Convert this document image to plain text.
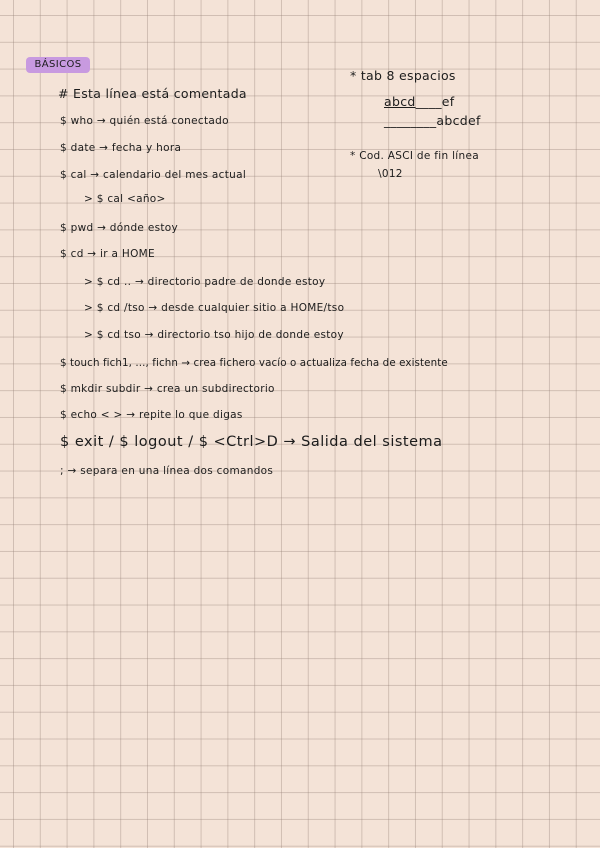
BÁSICOS
# Esta línea está comentada
$ who → quién está conectado
$ date → fecha y hora
$ cal → calendario del mes actual
> $ cal <año>
$ pwd → dónde estoy
$ cd → ir a HOME
> $ cd .. → directorio padre de donde estoy
> $ cd /tso → desde cualquier sitio a HOME/tso
> $ cd tso → directorio tso hijo de donde estoy
$ touch fich1, ..., fichn → crea fichero vacío o actualiza fecha de existente
$ mkdir subdir → crea un subdirectorio
$ echo < > → repite lo que digas
$ exit / $ logout / $ <Ctrl>D → Salida del sistema
; → separa en una línea dos comandos
* tab 8 espacios
abcd____ef
________abcdef
* Cod. ASCI de fin línea
\012
